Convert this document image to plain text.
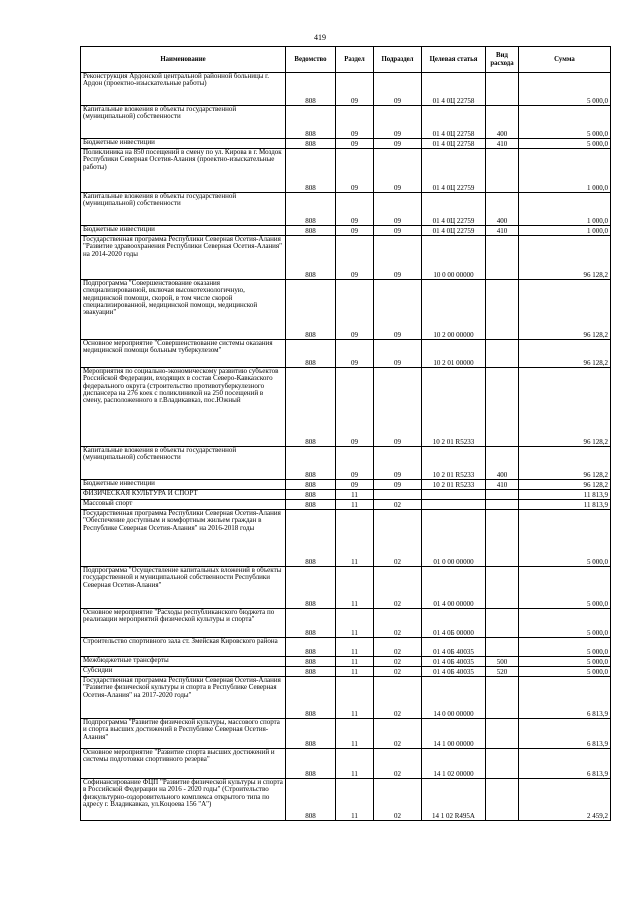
419
Наименование	Ведомство	Раздел	Подраздел	Целевая статья	Вид расхода	Сумма
Реконструкция Ардонской центральной районной больницы г. Ардон (проектно-изыскательные работы)	808	09	09	01 4 0Ц 22758		5 000,0
Капитальные вложения в объекты государственной (муниципальной) собственности	808	09	09	01 4 0Ц 22758	400	5 000,0
Бюджетные инвестиции	808	09	09	01 4 0Ц 22758	410	5 000,0
Поликлиника на 850 посещений в смену по ул. Кирова в г. Моздок Республики Северная Осетия-Алания (проектно-изыскательные работы)	808	09	09	01 4 0Ц 22759		1 000,0
Капитальные вложения в объекты государственной (муниципальной) собственности	808	09	09	01 4 0Ц 22759	400	1 000,0
Бюджетные инвестиции	808	09	09	01 4 0Ц 22759	410	1 000,0
Государственная программа Республики Северная Осетия-Алания "Развитие здравоохранения Республики Северная Осетия-Алания" на 2014-2020 годы	808	09	09	10 0 00 00000		96 128,2
Подпрограмма "Совершенствование оказания специализированной, включая высокотехнологичную, медицинской помощи, скорой, в том числе скорой специализированной, медицинской помощи, медицинской эвакуации"	808	09	09	10 2 00 00000		96 128,2
Основное мероприятие "Совершенствование системы оказания медицинской помощи больным туберкулезом"	808	09	09	10 2 01 00000		96 128,2
Мероприятия по социально-экономическому развитию субъектов Российской Федерации, входящих в состав Северо-Кавказского федерального округа (строительство противотуберкулезного диспансера на 276 коек с поликлиникой на 250 посещений в смену, расположенного в г.Владикавказ, пос.Южный	808	09	09	10 2 01 R5233		96 128,2
Капитальные вложения в объекты государственной (муниципальной) собственности	808	09	09	10 2 01 R5233	400	96 128,2
Бюджетные инвестиции	808	09	09	10 2 01 R5233	410	96 128,2
ФИЗИЧЕСКАЯ КУЛЬТУРА И СПОРТ	808	11				11 813,9
Массовый спорт	808	11	02			11 813,9
Государственная программа Республики Северная Осетия-Алания "Обеспечение доступным и комфортным жильем граждан в Республике Северная Осетия-Алания" на 2016-2018 годы	808	11	02	01 0 00 00000		5 000,0
Подпрограмма "Осуществление капитальных вложений в объекты государственной и муниципальной собственности Республики Северная Осетия-Алания"	808	11	02	01 4 00 00000		5 000,0
Основное мероприятие "Расходы республиканского бюджета по реализации мероприятий физической культуры и спорта"	808	11	02	01 4 0Б 00000		5 000,0
Строительство спортивного зала ст. Змейская Кировского района	808	11	02	01 4 0Б 40035		5 000,0
Межбюджетные трансферты	808	11	02	01 4 0Б 40035	500	5 000,0
Субсидии	808	11	02	01 4 0Б 40035	520	5 000,0
Государственная программа Республики Северная Осетия-Алания "Развитие физической культуры и спорта в Республике Северная Осетия-Алания" на 2017-2020 годы"	808	11	02	14 0 00 00000		6 813,9
Подпрограмма "Развитие физической культуры, массового спорта и спорта высших достижений в Республике Северная Осетия-Алания"	808	11	02	14 1 00 00000		6 813,9
Основное мероприятие "Развитие спорта высших достижений и системы подготовки спортивного резерва"	808	11	02	14 1 02 00000		6 813,9
Софинансирование ФЦП "Развитие физической культуры и спорта в Российской Федерации на 2016 - 2020 годы" (Строительство физкультурно-оздоровительного комплекса открытого типа по адресу г. Владикавказ, ул.Коцоева 156 "А")	808	11	02	14 1 02 R495А		2 459,2
